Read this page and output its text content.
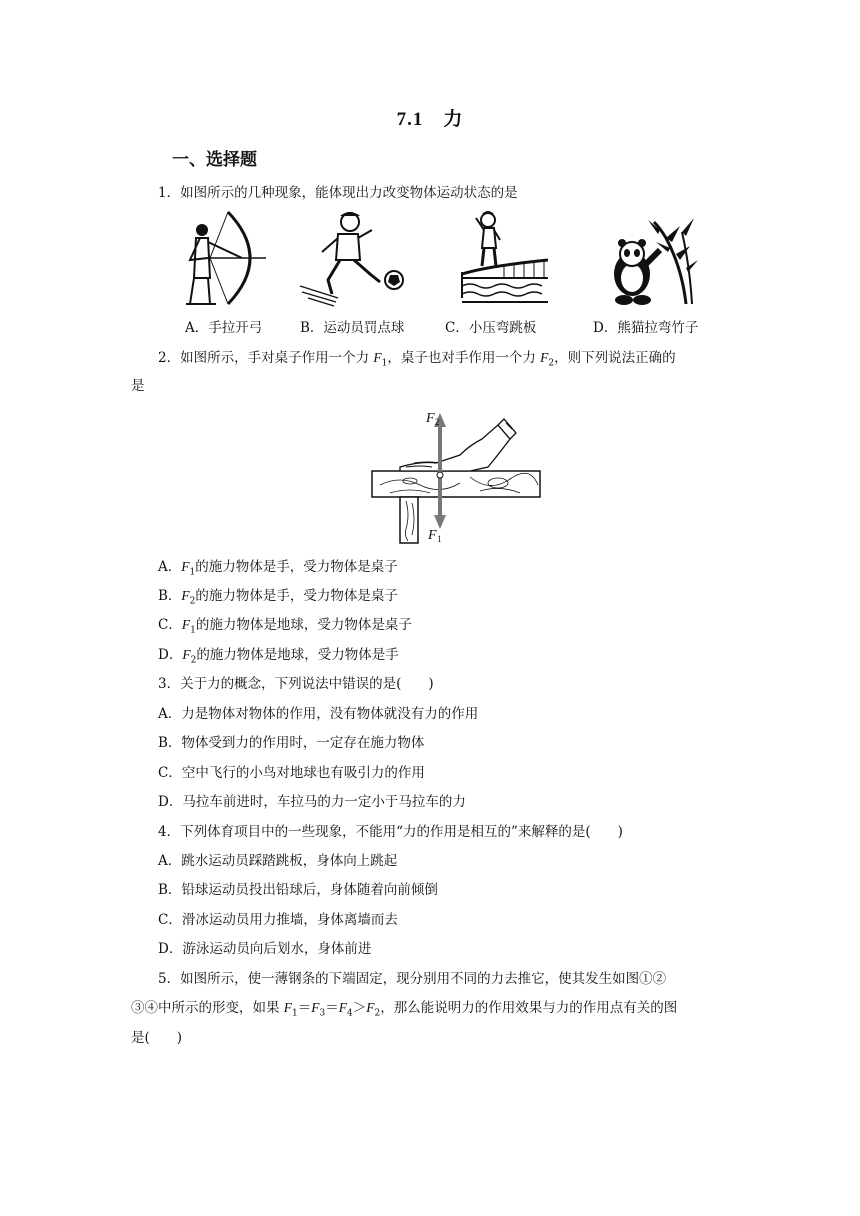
7.1　力
一、选择题
1．如图所示的几种现象，能体现出力改变物体运动状态的是
A．手拉开弓	B．运动员罚点球	C．小压弯跳板	D．熊猫拉弯竹子
2．如图所示，手对桌子作用一个力 $F_1$，桌子也对手作用一个力 $F_2$，则下列说法正确的
是
F 2
F 1
A．$F_1$的施力物体是手，受力物体是桌子
B．$F_2$的施力物体是手，受力物体是桌子
C．$F_1$的施力物体是地球，受力物体是桌子
D．$F_2$的施力物体是地球，受力物体是手
3．关于力的概念，下列说法中错误的是(　　)
A．力是物体对物体的作用，没有物体就没有力的作用
B．物体受到力的作用时，一定存在施力物体
C．空中飞行的小鸟对地球也有吸引力的作用
D．马拉车前进时，车拉马的力一定小于马拉车的力
4．下列体育项目中的一些现象，不能用“力的作用是相互的”来解释的是(　　)
A．跳水运动员踩踏跳板，身体向上跳起
B．铅球运动员投出铅球后，身体随着向前倾倒
C．滑冰运动员用力推墙，身体离墙而去
D．游泳运动员向后划水，身体前进
5．如图所示，使一薄钢条的下端固定，现分别用不同的力去推它，使其发生如图①②
③④中所示的形变，如果 $F_1=F_3=F_4>F_2$，那么能说明力的作用效果与力的作用点有关的图
是(　　)
